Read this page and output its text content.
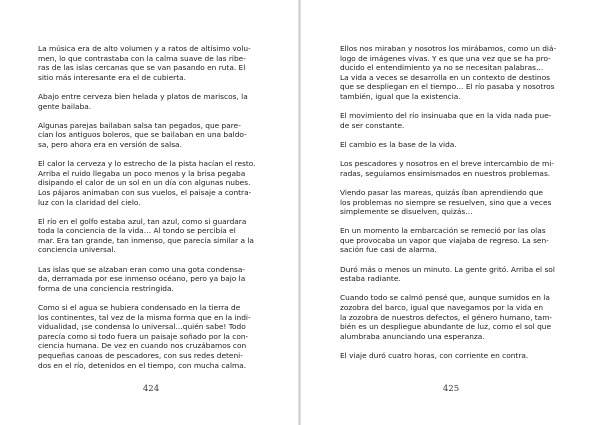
La música era de alto volumen y a ratos de altísimo volu-
men, lo que contrastaba con la calma suave de las ribe-
ras de las islas cercanas que se van pasando en ruta. El
sitio más interesante era el de cubierta.

Abajo entre cerveza bien helada y platos de mariscos, la
gente bailaba.

Algunas parejas bailaban salsa tan pegados, que pare-
cían los antiguos boleros, que se bailaban en una baldo-
sa, pero ahora era en versión de salsa.

El calor la cerveza y lo estrecho de la pista hacían el resto.
Arriba el ruido llegaba un poco menos y la brisa pegaba
disipando el calor de un sol en un día con algunas nubes.
Los pájaros animaban con sus vuelos, el paisaje a contra-
luz con la claridad del cielo.

El río en el golfo estaba azul, tan azul, como si guardara
toda la conciencia de la vida… Al tondo se percibía el
mar. Era tan grande, tan inmenso, que parecía similar a la
conciencia universal.

Las islas que se alzaban eran como una gota condensa-
da, derramada por ese inmenso océano, pero ya bajo la
forma de una conciencia restringida.

Como si el agua se hubiera condensado en la tierra de
los continentes, tal vez de la misma forma que en la indi-
vidualidad, ¡se condensa lo universal…quién sabe! Todo
parecía como si todo fuera un paisaje soñado por la con-
ciencia humana. De vez en cuando nos cruzábamos con
pequeñas canoas de pescadores, con sus redes deteni-
dos en el río, detenidos en el tiempo, con mucha calma.

424

Ellos nos miraban y nosotros los mirábamos, como un diá-
logo de imágenes vivas. Y es que una vez que se ha pro-
ducido el entendimiento ya no se necesitan palabras…
La vida a veces se desarrolla en un contexto de destinos
que se despliegan en el tiempo… El río pasaba y nosotros
también, igual que la existencia.

El movimiento del río insinuaba que en la vida nada pue-
de ser constante.

El cambio es la base de la vida.

Los pescadores y nosotros en el breve intercambio de mi-
radas, seguíamos ensimismados en nuestros problemas.

Viendo pasar las mareas, quizás íban aprendiendo que
los problemas no siempre se resuelven, sino que a veces
simplemente se disuelven, quizás…

En un momento la embarcación se remeció por las olas
que provocaba un vapor que viajaba de regreso. La sen-
sación fue casi de alarma.

Duró más o menos un minuto. La gente gritó. Arriba el sol
estaba radiante.

Cuando todo se calmó pensé que, aunque sumidos en la
zozobra del barco, igual que navegamos por la vida en
la zozobra de nuestros defectos, el género humano, tam-
bién es un despliegue abundante de luz, como el sol que
alumbraba anunciando una esperanza.

El viaje duró cuatro horas, con corriente en contra.

425
